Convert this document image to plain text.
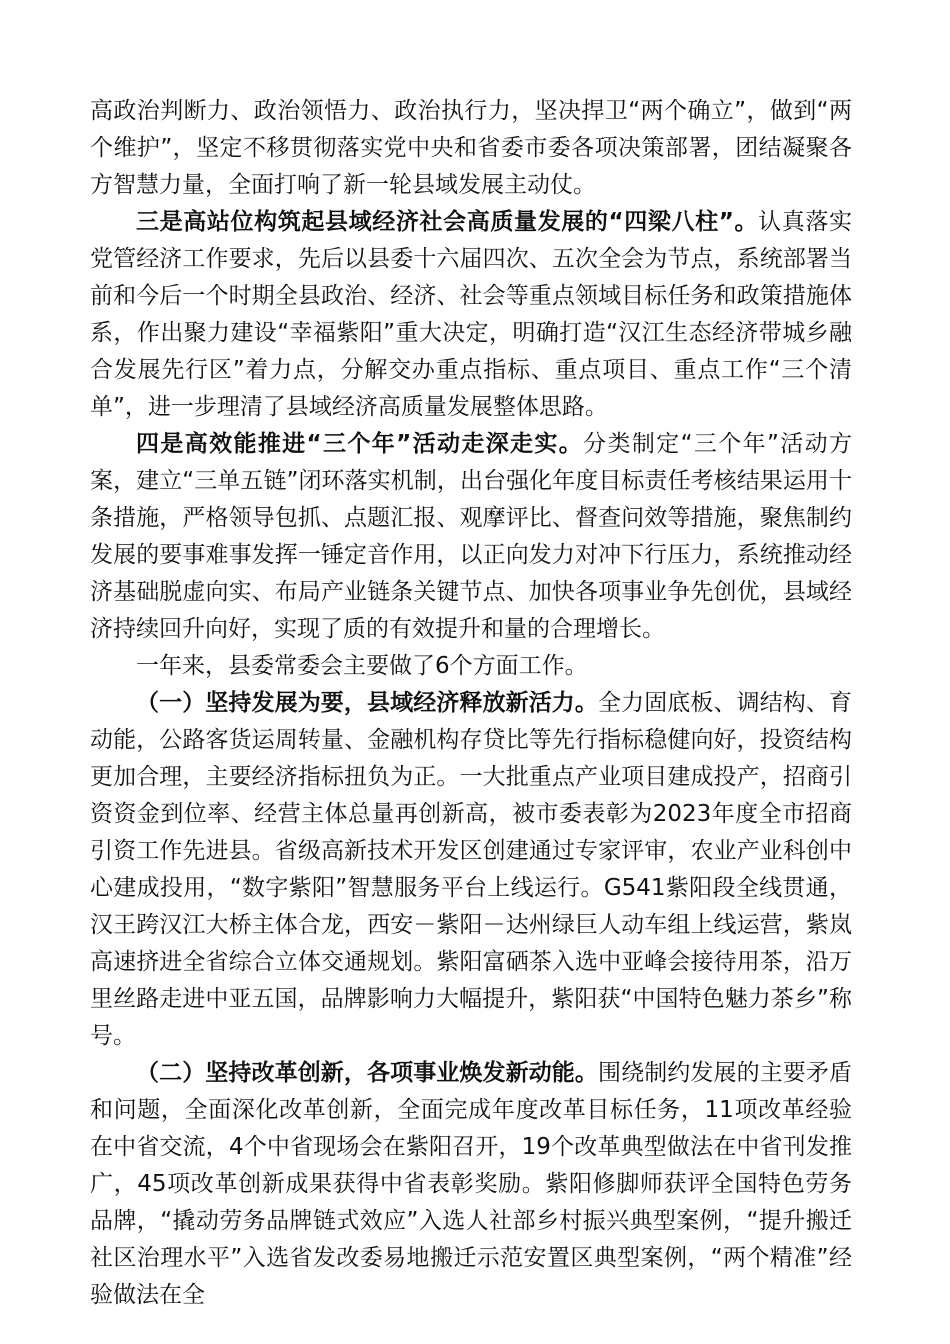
高政治判断力、政治领悟力、政治执行力，坚决捍卫“两个确立”，做到“两个维护”，坚定不移贯彻落实党中央和省委市委各项决策部署，团结凝聚各方智慧力量，全面打响了新一轮县域发展主动仗。

三是高站位构筑起县域经济社会高质量发展的“四梁八柱”。认真落实党管经济工作要求，先后以县委十六届四次、五次全会为节点，系统部署当前和今后一个时期全县政治、经济、社会等重点领域目标任务和政策措施体系，作出聚力建设“幸福紫阳”重大决定，明确打造“汉江生态经济带城乡融合发展先行区”着力点，分解交办重点指标、重点项目、重点工作“三个清单”，进一步理清了县域经济高质量发展整体思路。

四是高效能推进“三个年”活动走深走实。分类制定“三个年”活动方案，建立“三单五链”闭环落实机制，出台强化年度目标责任考核结果运用十条措施，严格领导包抓、点题汇报、观摩评比、督查问效等措施，聚焦制约发展的要事难事发挥一锤定音作用，以正向发力对冲下行压力，系统推动经济基础脱虚向实、布局产业链条关键节点、加快各项事业争先创优，县域经济持续回升向好，实现了质的有效提升和量的合理增长。

一年来，县委常委会主要做了6个方面工作。

（一）坚持发展为要，县域经济释放新活力。全力固底板、调结构、育动能，公路客货运周转量、金融机构存贷比等先行指标稳健向好，投资结构更加合理，主要经济指标扭负为正。一大批重点产业项目建成投产，招商引资资金到位率、经营主体总量再创新高，被市委表彰为2023年度全市招商引资工作先进县。省级高新技术开发区创建通过专家评审，农业产业科创中心建成投用，“数字紫阳”智慧服务平台上线运行。G541紫阳段全线贯通，汉王跨汉江大桥主体合龙，西安－紫阳－达州绿巨人动车组上线运营，紫岚高速挤进全省综合立体交通规划。紫阳富硒茶入选中亚峰会接待用茶，沿万里丝路走进中亚五国，品牌影响力大幅提升，紫阳获“中国特色魅力茶乡”称号。

（二）坚持改革创新，各项事业焕发新动能。围绕制约发展的主要矛盾和问题，全面深化改革创新，全面完成年度改革目标任务，11项改革经验在中省交流，4个中省现场会在紫阳召开，19个改革典型做法在中省刊发推广，45项改革创新成果获得中省表彰奖励。紫阳修脚师获评全国特色劳务品牌，“撬动劳务品牌链式效应”入选人社部乡村振兴典型案例，“提升搬迁社区治理水平”入选省发改委易地搬迁示范安置区典型案例，“两个精准”经验做法在全
